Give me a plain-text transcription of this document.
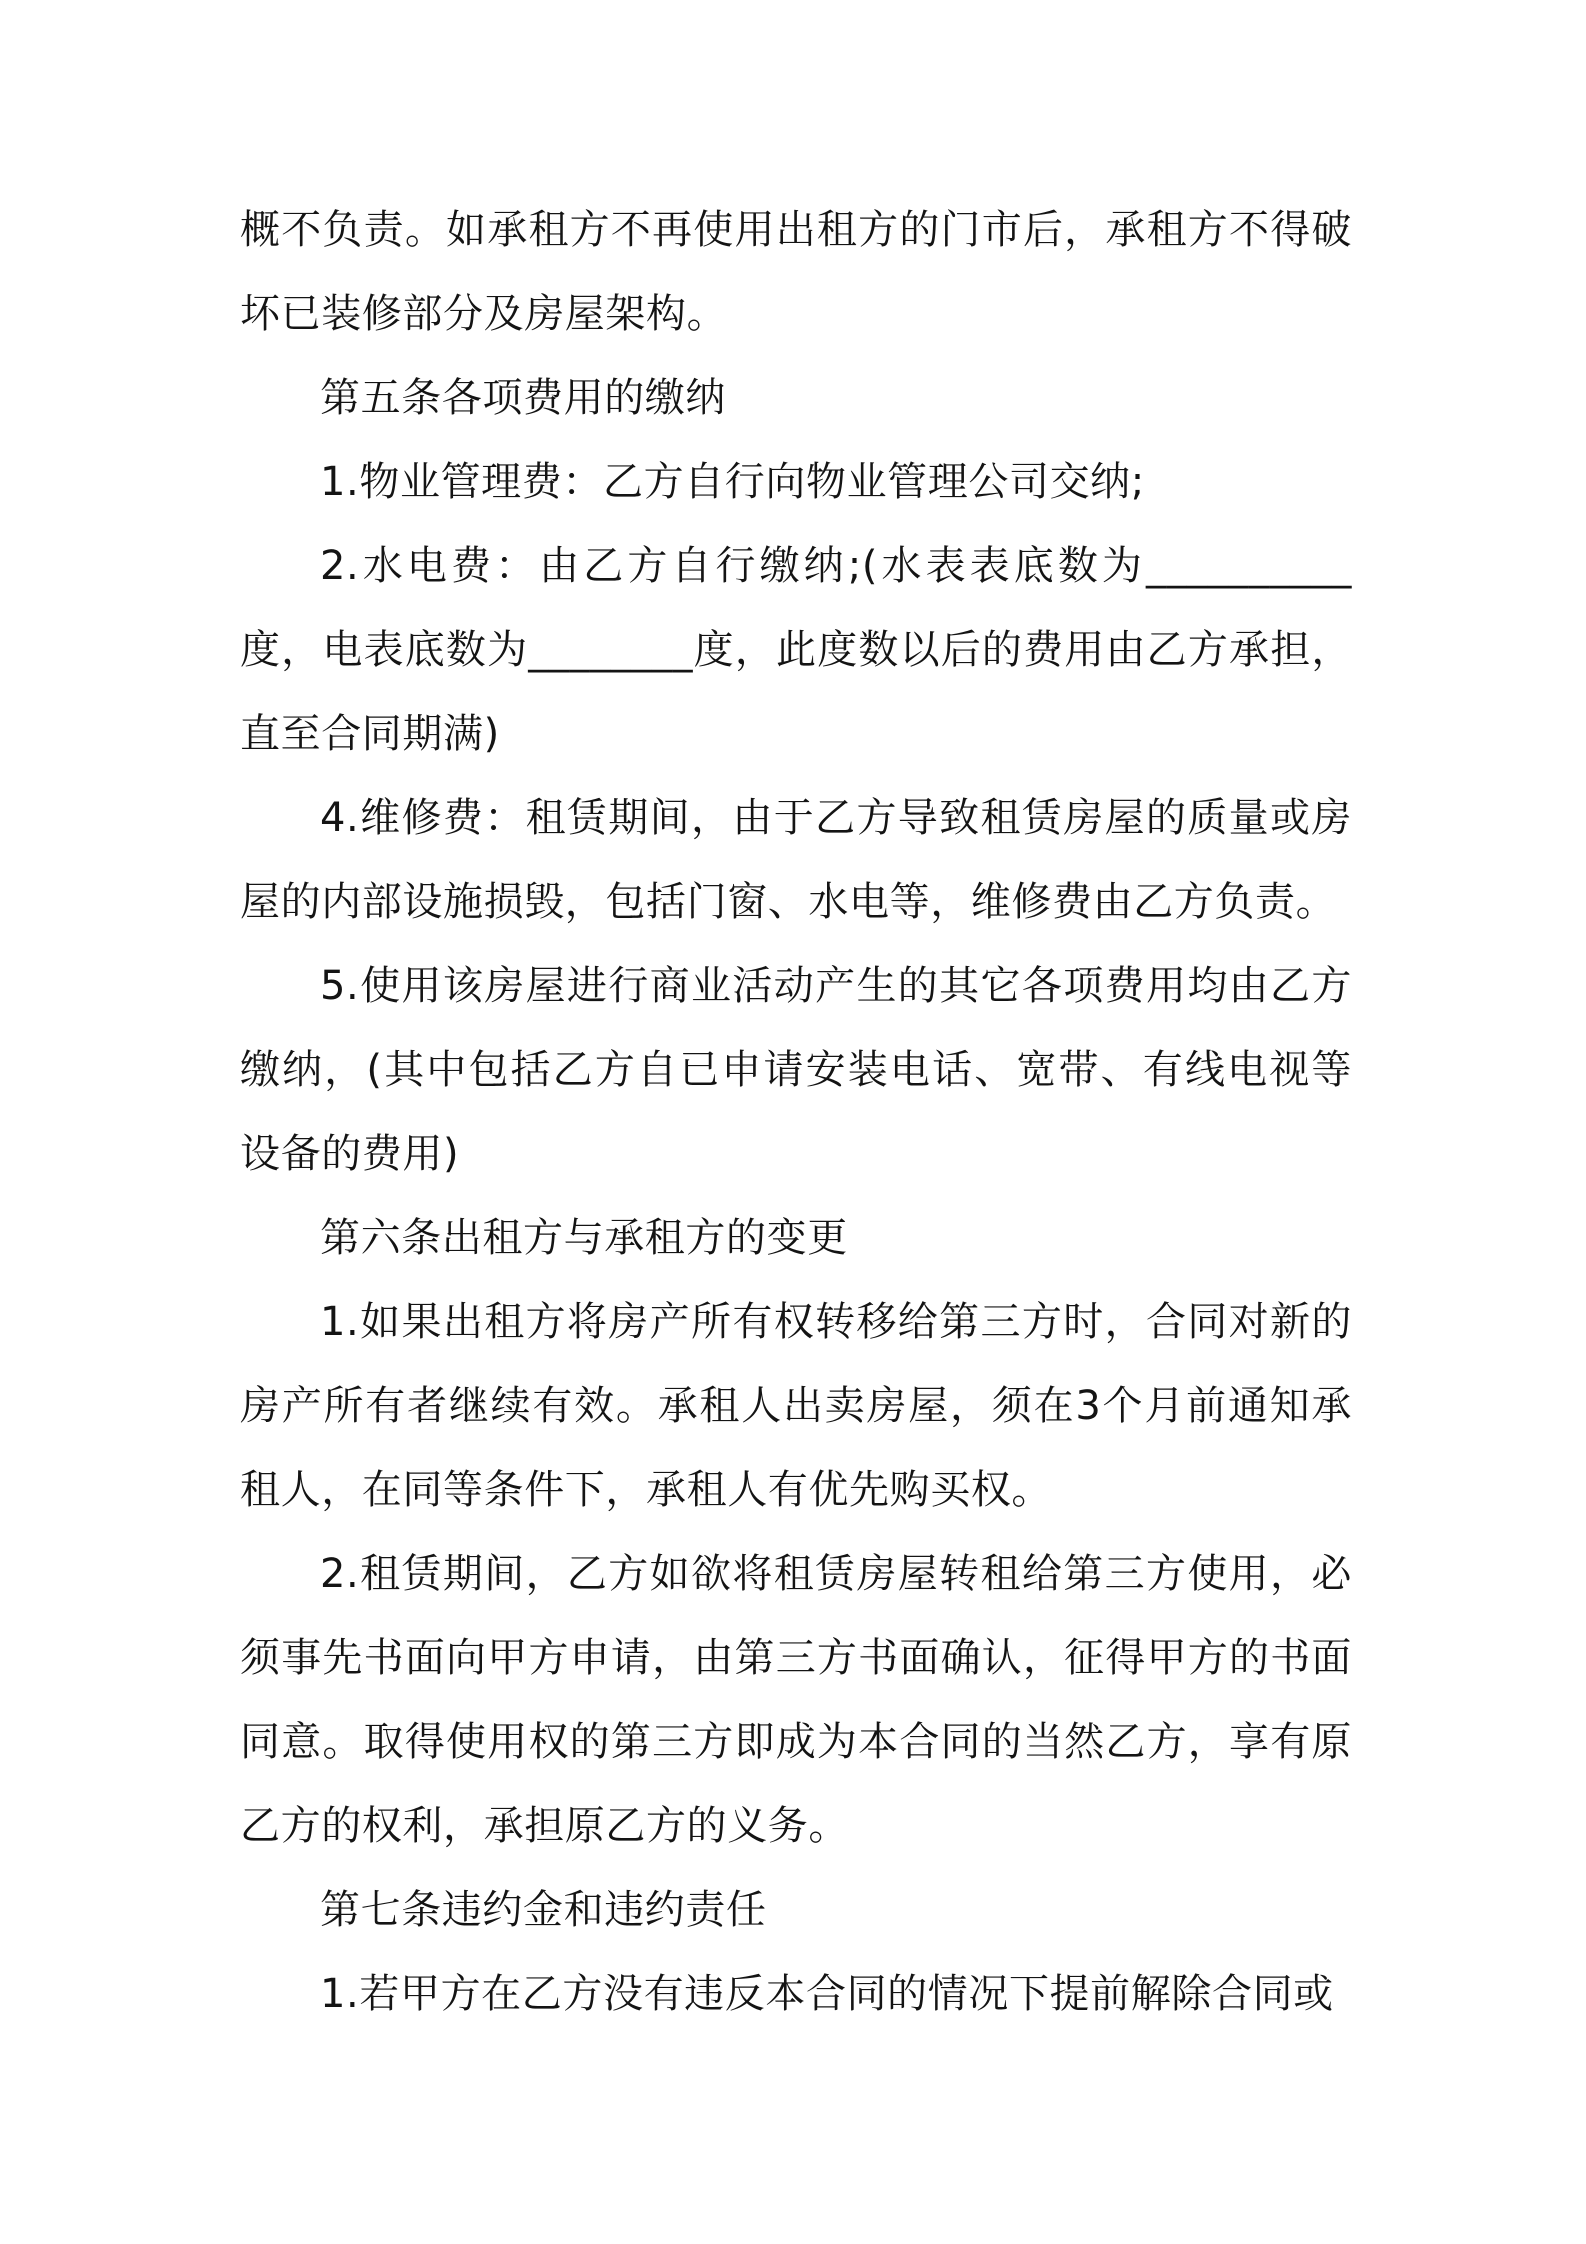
概不负责。如承租方不再使用出租方的门市后，承租方不得破坏已装修部分及房屋架构。

第五条各项费用的缴纳

1.物业管理费：乙方自行向物业管理公司交纳;

2.水电费：由乙方自行缴纳;(水表表底数为__________度，电表底数为________度，此度数以后的费用由乙方承担，直至合同期满)

4.维修费：租赁期间，由于乙方导致租赁房屋的质量或房屋的内部设施损毁，包括门窗、水电等，维修费由乙方负责。

5.使用该房屋进行商业活动产生的其它各项费用均由乙方缴纳，(其中包括乙方自已申请安装电话、宽带、有线电视等设备的费用)

第六条出租方与承租方的变更

1.如果出租方将房产所有权转移给第三方时，合同对新的房产所有者继续有效。承租人出卖房屋，须在3个月前通知承租人，在同等条件下，承租人有优先购买权。

2.租赁期间，乙方如欲将租赁房屋转租给第三方使用，必须事先书面向甲方申请，由第三方书面确认，征得甲方的书面同意。取得使用权的第三方即成为本合同的当然乙方，享有原乙方的权利，承担原乙方的义务。

第七条违约金和违约责任

1.若甲方在乙方没有违反本合同的情况下提前解除合同或
